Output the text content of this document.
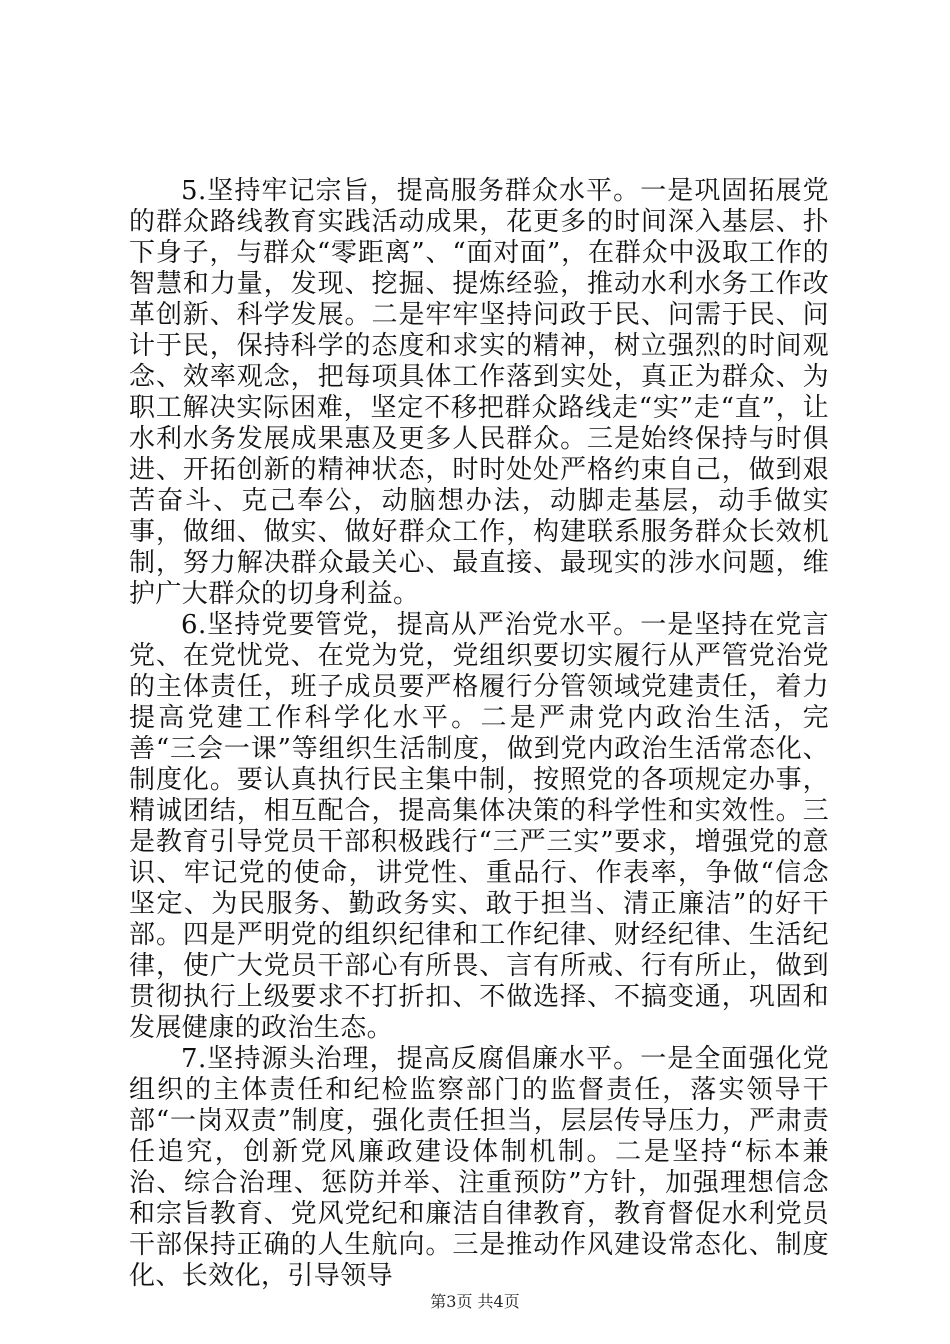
5.坚持牢记宗旨，提高服务群众水平。一是巩固拓展党的群众路线教育实践活动成果，花更多的时间深入基层、扑下身子，与群众“零距离”、“面对面”，在群众中汲取工作的智慧和力量，发现、挖掘、提炼经验，推动水利水务工作改革创新、科学发展。二是牢牢坚持问政于民、问需于民、问计于民，保持科学的态度和求实的精神，树立强烈的时间观念、效率观念，把每项具体工作落到实处，真正为群众、为职工解决实际困难，坚定不移把群众路线走“实”走“直”，让水利水务发展成果惠及更多人民群众。三是始终保持与时俱进、开拓创新的精神状态，时时处处严格约束自己，做到艰苦奋斗、克己奉公，动脑想办法，动脚走基层，动手做实事，做细、做实、做好群众工作，构建联系服务群众长效机制，努力解决群众最关心、最直接、最现实的涉水问题，维护广大群众的切身利益。

6.坚持党要管党，提高从严治党水平。一是坚持在党言党、在党忧党、在党为党，党组织要切实履行从严管党治党的主体责任，班子成员要严格履行分管领域党建责任，着力提高党建工作科学化水平。二是严肃党内政治生活，完善“三会一课”等组织生活制度，做到党内政治生活常态化、制度化。要认真执行民主集中制，按照党的各项规定办事，精诚团结，相互配合，提高集体决策的科学性和实效性。三是教育引导党员干部积极践行“三严三实”要求，增强党的意识、牢记党的使命，讲党性、重品行、作表率，争做“信念坚定、为民服务、勤政务实、敢于担当、清正廉洁”的好干部。四是严明党的组织纪律和工作纪律、财经纪律、生活纪律，使广大党员干部心有所畏、言有所戒、行有所止，做到贯彻执行上级要求不打折扣、不做选择、不搞变通，巩固和发展健康的政治生态。

7.坚持源头治理，提高反腐倡廉水平。一是全面强化党组织的主体责任和纪检监察部门的监督责任，落实领导干部“一岗双责”制度，强化责任担当，层层传导压力，严肃责任追究，创新党风廉政建设体制机制。二是坚持“标本兼治、综合治理、惩防并举、注重预防”方针，加强理想信念和宗旨教育、党风党纪和廉洁自律教育，教育督促水利党员干部保持正确的人生航向。三是推动作风建设常态化、制度化、长效化，引导领导

第3页 共4页
